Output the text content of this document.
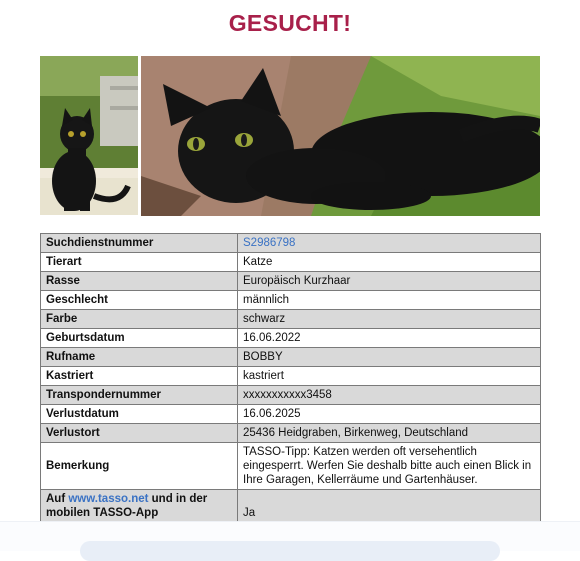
GESUCHT!
Suchdienstnummer	S2986798
Tierart	Katze
Rasse	Europäisch Kurzhaar
Geschlecht	männlich
Farbe	schwarz
Geburtsdatum	16.06.2022
Rufname	BOBBY
Kastriert	kastriert
Transpondernummer	xxxxxxxxxxx3458
Verlustdatum	16.06.2025
Verlustort	25436 Heidgraben, Birkenweg, Deutschland
Bemerkung	TASSO-Tipp: Katzen werden oft versehentlich eingesperrt. Werfen Sie deshalb bitte auch einen Blick in Ihre Garagen, Kellerräume und Gartenhäuser.
Auf www.tasso.net und in der mobilen TASSO-App	Ja
